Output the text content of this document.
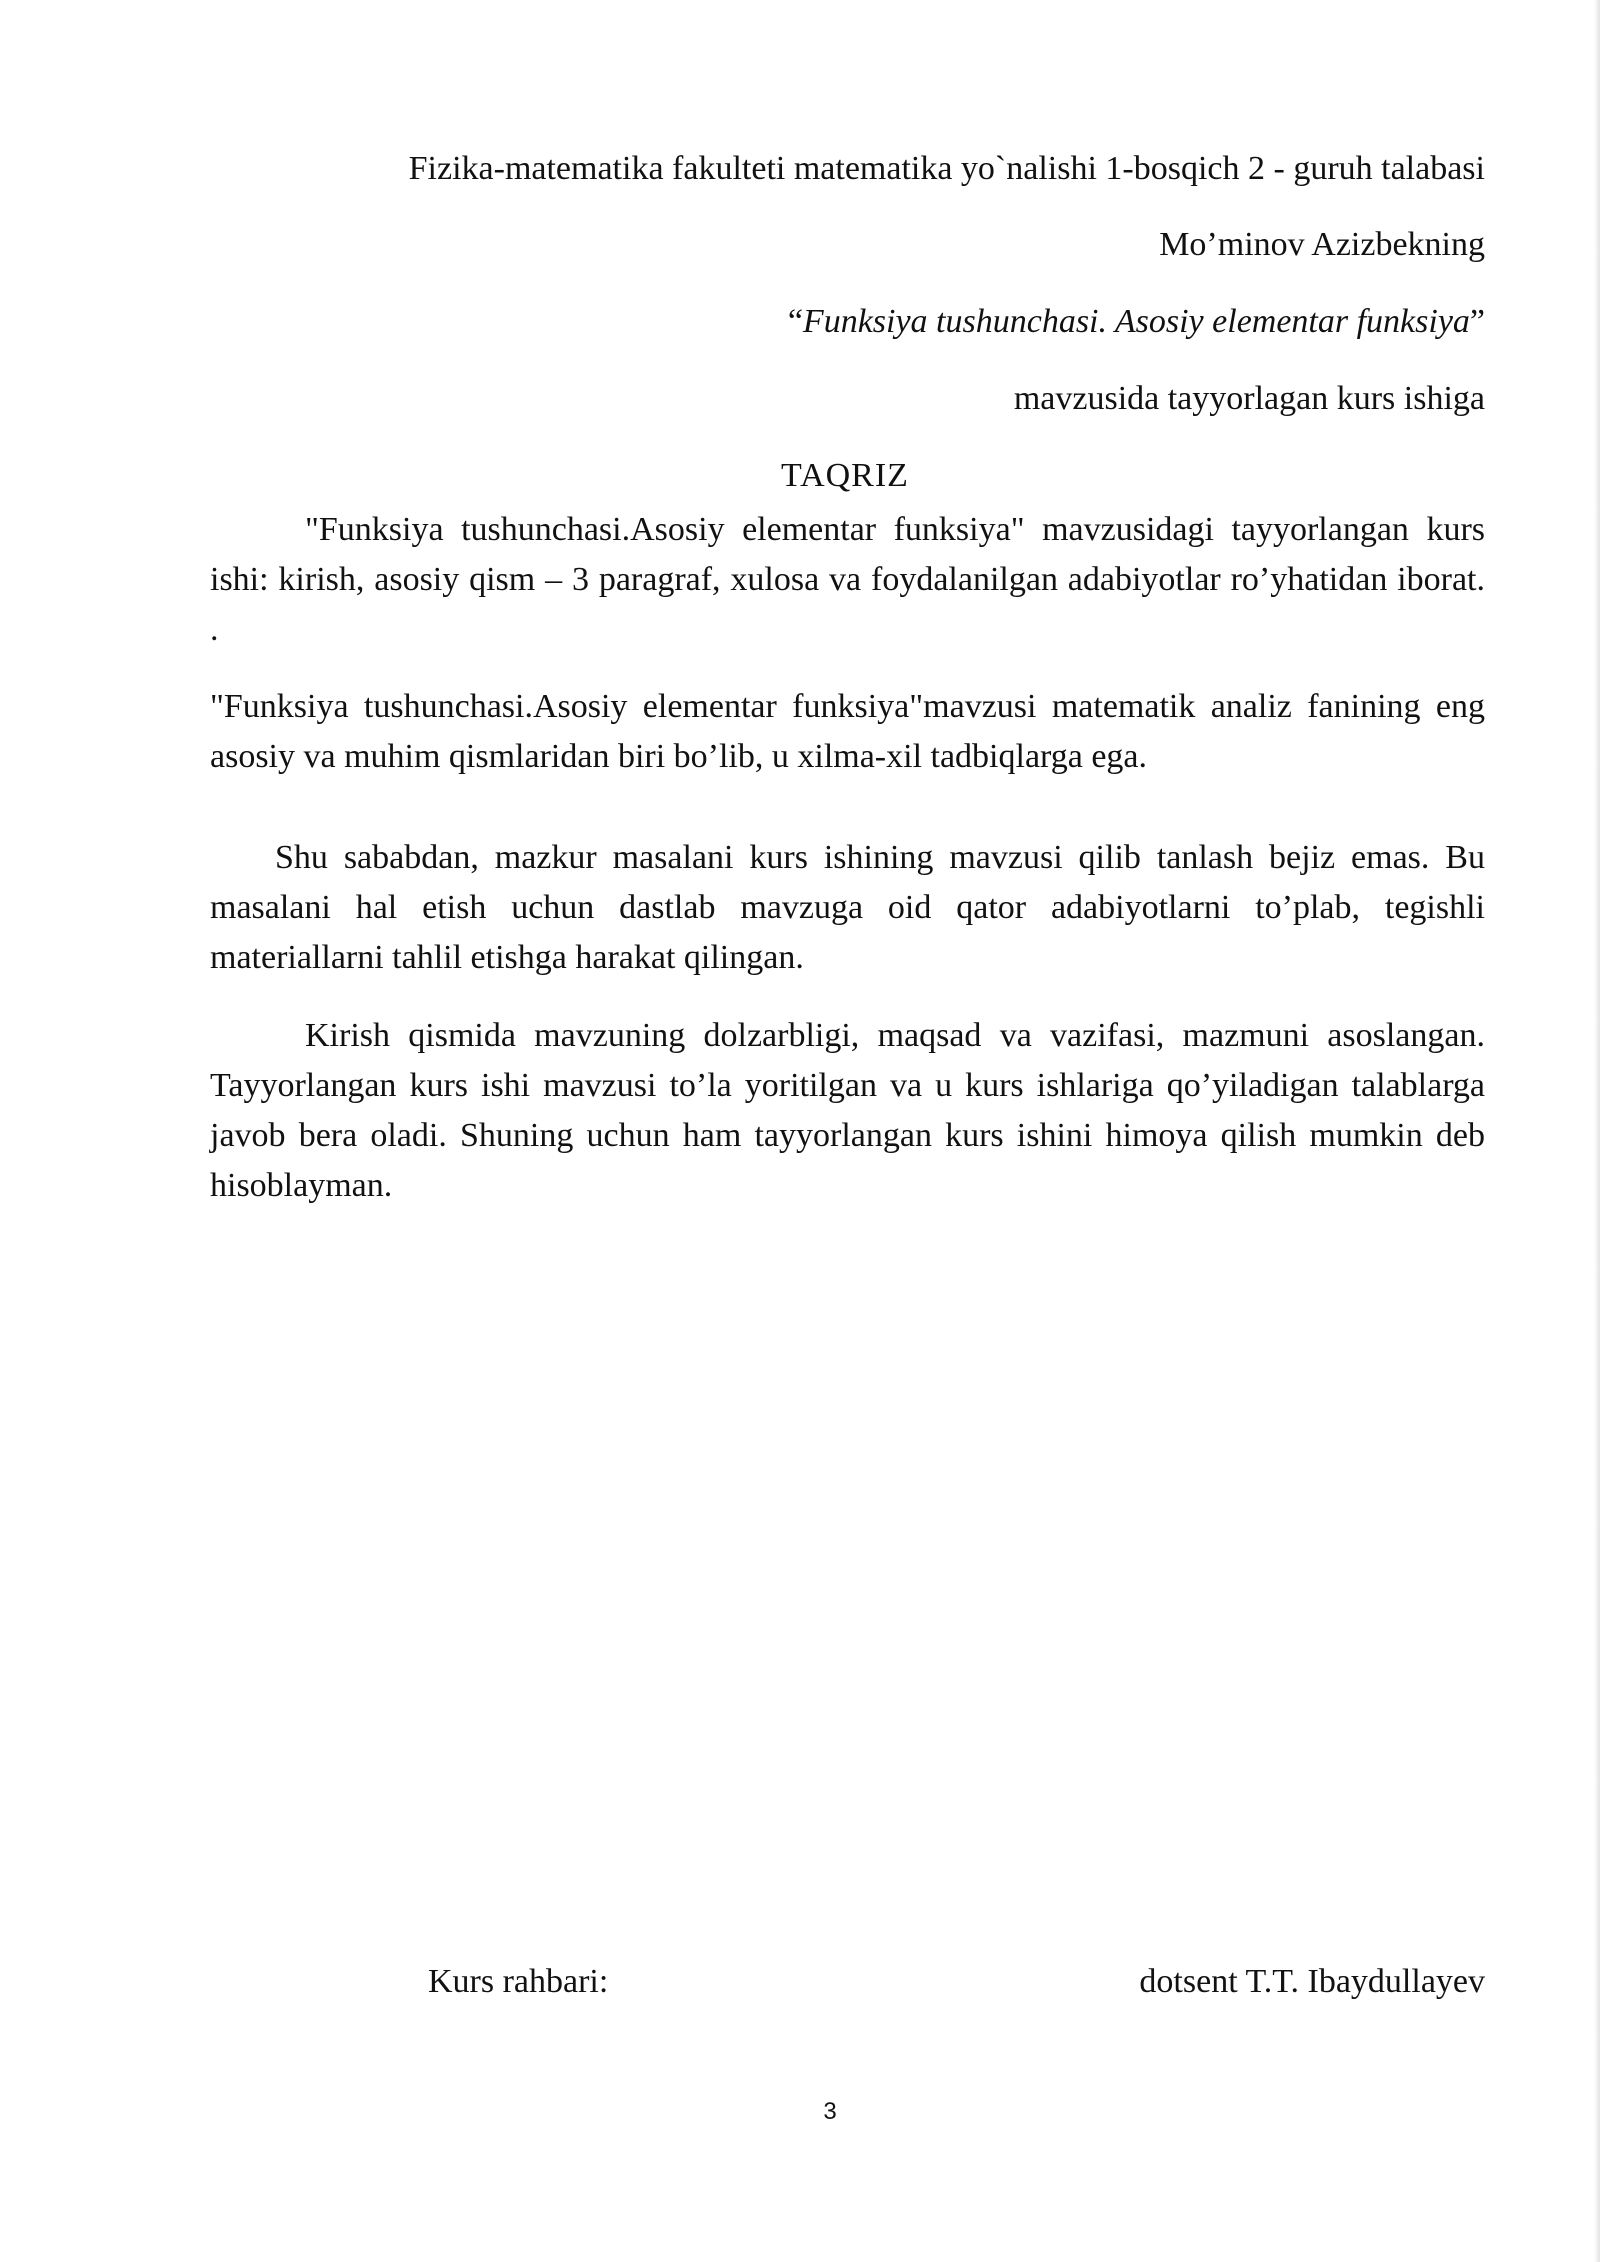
Fizika-matematika fakulteti matematika yo`nalishi 1-bosqich 2 - guruh talabasi
Mo’minov Azizbekning
“Funksiya tushunchasi. Asosiy elementar funksiya”
mavzusida tayyorlagan kurs ishiga
TAQRIZ

"Funksiya tushunchasi.Asosiy elementar funksiya" mavzusidagi tayyorlangan kurs ishi: kirish, asosiy qism – 3 paragraf, xulosa va foydalanilgan adabiyotlar ro’yhatidan iborat. .

"Funksiya tushunchasi.Asosiy elementar funksiya"mavzusi matematik analiz fanining eng asosiy va muhim qismlaridan biri bo’lib, u xilma-xil tadbiqlarga ega.

Shu sababdan, mazkur masalani kurs ishining mavzusi qilib tanlash bejiz emas. Bu masalani hal etish uchun dastlab mavzuga oid qator adabiyotlarni to’plab, tegishli materiallarni tahlil etishga harakat qilingan.

Kirish qismida mavzuning dolzarbligi, maqsad va vazifasi, mazmuni asoslangan. Tayyorlangan kurs ishi mavzusi to’la yoritilgan va u kurs ishlariga qo’yiladigan talablarga javob bera oladi. Shuning uchun ham tayyorlangan kurs ishini himoya qilish mumkin deb hisoblayman.

Kurs rahbari:	dotsent T.T. Ibaydullayev
3
